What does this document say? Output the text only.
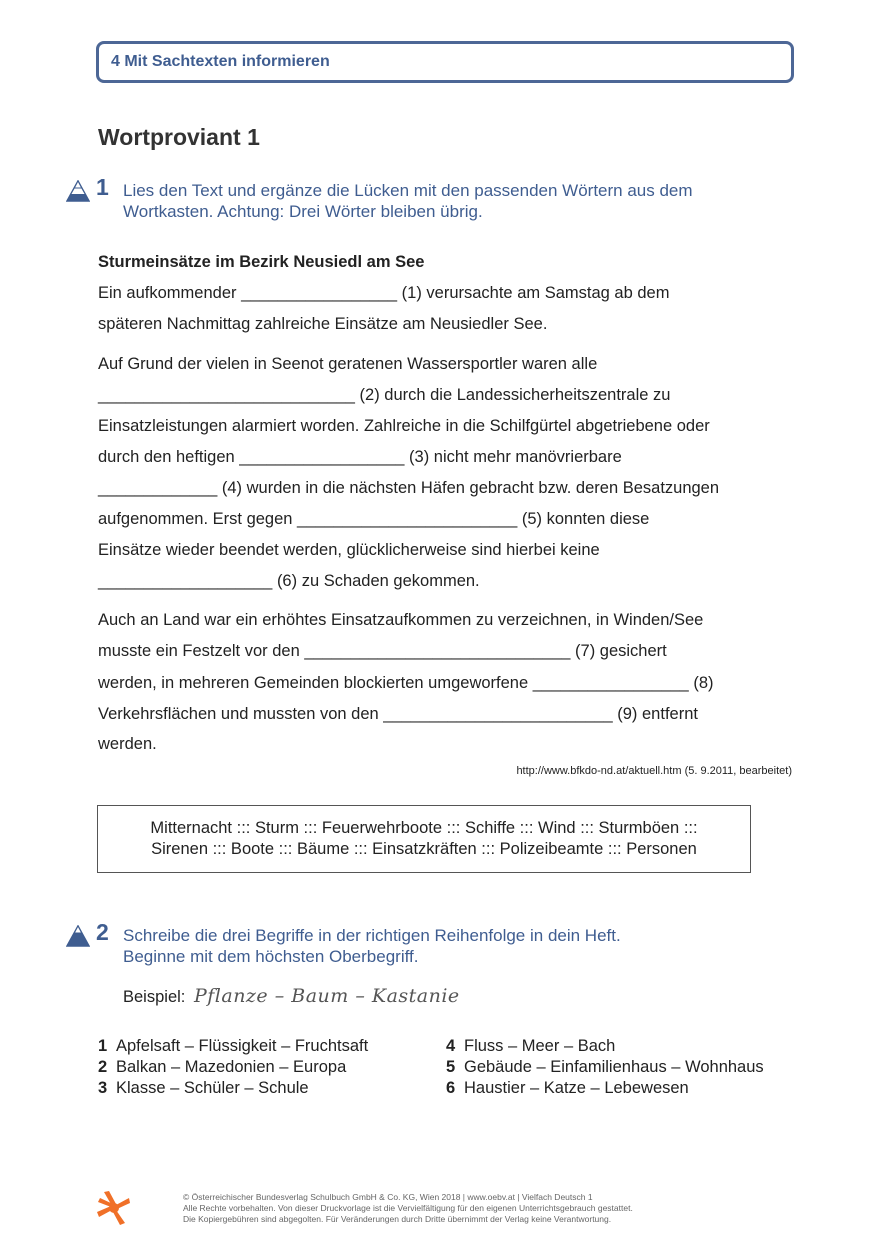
4 Mit Sachtexten informieren
Wortproviant 1
1 Lies den Text und ergänze die Lücken mit den passenden Wörtern aus dem
Wortkasten. Achtung: Drei Wörter bleiben übrig.
Sturmeinsätze im Bezirk Neusiedl am See
Ein aufkommender _________________ (1) verursachte am Samstag ab dem
späteren Nachmittag zahlreiche Einsätze am Neusiedler See.
Auf Grund der vielen in Seenot geratenen Wassersportler waren alle
____________________________ (2) durch die Landessicherheitszentrale zu
Einsatzleistungen alarmiert worden. Zahlreiche in die Schilfgürtel abgetriebene oder
durch den heftigen __________________ (3) nicht mehr manövrierbare
_____________ (4) wurden in die nächsten Häfen gebracht bzw. deren Besatzungen
aufgenommen. Erst gegen ________________________ (5) konnten diese
Einsätze wieder beendet werden, glücklicherweise sind hierbei keine
___________________ (6) zu Schaden gekommen.
Auch an Land war ein erhöhtes Einsatzaufkommen zu verzeichnen, in Winden/See
musste ein Festzelt vor den _____________________________ (7) gesichert
werden, in mehreren Gemeinden blockierten umgeworfene _________________ (8)
Verkehrsflächen und mussten von den _________________________ (9) entfernt
werden.
http://www.bfkdo-nd.at/aktuell.htm (5. 9.2011, bearbeitet)
Mitternacht ::: Sturm ::: Feuerwehrboote ::: Schiffe ::: Wind ::: Sturmböen :::
Sirenen ::: Boote ::: Bäume ::: Einsatzkräften ::: Polizeibeamte ::: Personen
2 Schreibe die drei Begriffe in der richtigen Reihenfolge in dein Heft.
Beginne mit dem höchsten Oberbegriff.
Beispiel: Pflanze – Baum – Kastanie
1 Apfelsaft – Flüssigkeit – Fruchtsaft
2 Balkan – Mazedonien – Europa
3 Klasse – Schüler – Schule
4 Fluss – Meer – Bach
5 Gebäude – Einfamilienhaus – Wohnhaus
6 Haustier – Katze – Lebewesen
© Österreichischer Bundesverlag Schulbuch GmbH & Co. KG, Wien 2018 | www.oebv.at | Vielfach Deutsch 1
Alle Rechte vorbehalten. Von dieser Druckvorlage ist die Vervielfältigung für den eigenen Unterrichtsgebrauch gestattet.
Die Kopiergebühren sind abgegolten. Für Veränderungen durch Dritte übernimmt der Verlag keine Verantwortung.
